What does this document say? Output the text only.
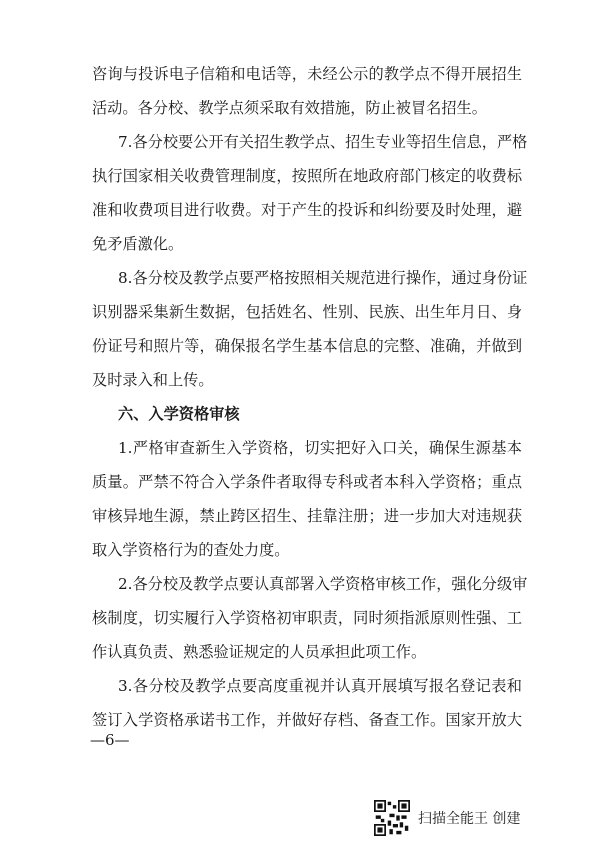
咨询与投诉电子信箱和电话等，未经公示的教学点不得开展招生
活动。各分校、教学点须采取有效措施，防止被冒名招生。
7.各分校要公开有关招生教学点、招生专业等招生信息，严格
执行国家相关收费管理制度，按照所在地政府部门核定的收费标
准和收费项目进行收费。对于产生的投诉和纠纷要及时处理，避
免矛盾激化。
8.各分校及教学点要严格按照相关规范进行操作，通过身份证
识别器采集新生数据，包括姓名、性别、民族、出生年月日、身
份证号和照片等，确保报名学生基本信息的完整、准确，并做到
及时录入和上传。
六、入学资格审核
1.严格审查新生入学资格，切实把好入口关，确保生源基本
质量。严禁不符合入学条件者取得专科或者本科入学资格；重点
审核异地生源，禁止跨区招生、挂靠注册；进一步加大对违规获
取入学资格行为的查处力度。
2.各分校及教学点要认真部署入学资格审核工作，强化分级审
核制度，切实履行入学资格初审职责，同时须指派原则性强、工
作认真负责、熟悉验证规定的人员承担此项工作。
—6—
扫描全能王 创建
3.各分校及教学点要高度重视并认真开展填写报名登记表和
签订入学资格承诺书工作，并做好存档、备查工作。国家开放大
